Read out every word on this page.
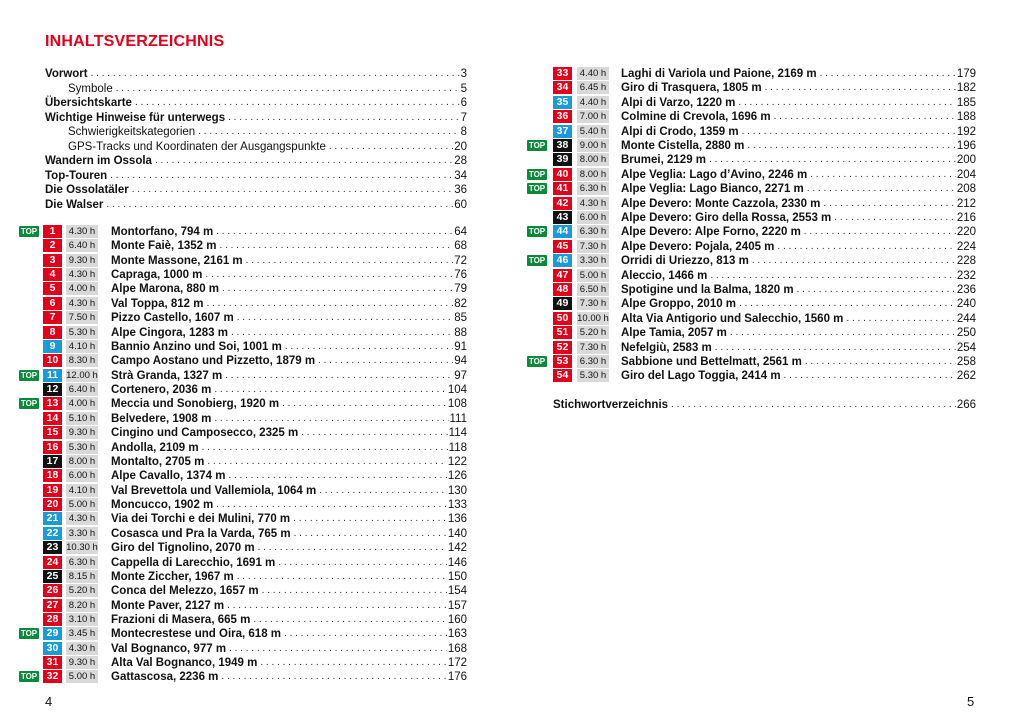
INHALTSVERZEICHNIS
Vorwort . . .	3
Symbole . . .	5
Übersichtskarte . . .	6
Wichtige Hinweise für unterwegs . . .	7
Schwierigkeitskategorien . . .	8
GPS-Tracks und Koordinaten der Ausgangspunkte . . .	20
Wandern im Ossola . . .	28
Top-Touren . . .	34
Die Ossolatäler . . .	36
Die Walser . . .	60
TOP	1	4.30 h Montorfano, 794 m . . .	64
2	6.40 h Monte Faiè, 1352 m . . .	68
3	9.30 h Monte Massone, 2161 m . . .	72
4	4.30 h Capraga, 1000 m . . .	76
5	4.00 h Alpe Marona, 880 m . . .	79
6	4.30 h Val Toppa, 812 m . . .	82
7	7.50 h Pizzo Castello, 1607 m . . .	85
8	5.30 h Alpe Cingora, 1283 m . . .	88
9	4.10 h Bannio Anzino und Soi, 1001 m . . .	91
10	8.30 h Campo Aostano und Pizzetto, 1879 m . . .	94
TOP 11 12.00 h Strà Granda, 1327 m . . .	97
12	6.40 h Cortenero, 2036 m . . .	104
TOP 13	4.00 h Meccia und Sonobierg, 1920 m . . .	108
14	5.10 h Belvedere, 1908 m . . .	111
15	9.30 h Cingino und Camposecco, 2325 m . . .	114
16	5.30 h Andolla, 2109 m . . .	118
17	8.00 h Montalto, 2705 m . . .	122
18	6.00 h Alpe Cavallo, 1374 m . . .	126
19	4.10 h Val Brevettola und Vallemiola, 1064 m . . .	130
20	5.00 h Moncucco, 1902 m . . .	133
21	4.30 h Via dei Torchi e dei Mulini, 770 m . . .	136
22	3.30 h Cosasca und Pra la Varda, 765 m . . .	140
23 10.30 h Giro del Tignolino, 2070 m . . .	142
24	6.30 h Cappella di Larecchio, 1691 m . . .	146
25	8.15 h Monte Ziccher, 1967 m . . .	150
26	5.20 h Conca del Melezzo, 1657 m . . .	154
27	8.20 h Monte Paver, 2127 m . . .	157
28	3.10 h Frazioni di Masera, 665 m . . .	160
TOP 29	3.45 h Montecrestese und Oira, 618 m . . .	163
30	4.30 h Val Bognanco, 977 m . . .	168
31	9.30 h Alta Val Bognanco, 1949 m . . .	172
TOP 32	5.00 h Gattascosa, 2236 m . . .	176
4
33	4.40 h Laghi di Variola und Paione, 2169 m . . .	179
34	6.45 h Giro di Trasquera, 1805 m . . .	182
35	4.40 h Alpi di Varzo, 1220 m . . .	185
36	7.00 h Colmine di Crevola, 1696 m . . .	188
37	5.40 h Alpi di Crodo, 1359 m . . .	192
TOP	38	9.00 h Monte Cistella, 2880 m . . .	196
39	8.00 h Brumei, 2129 m . . .	200
TOP	40	8.00 h Alpe Veglia: Lago d’Avino, 2246 m . . .	204
TOP	41	6.30 h Alpe Veglia: Lago Bianco, 2271 m . . .	208
42	4.30 h Alpe Devero: Monte Cazzola, 2330 m . . .	212
43	6.00 h Alpe Devero: Giro della Rossa, 2553 m . . .	216
TOP	44	6.30 h Alpe Devero: Alpe Forno, 2220 m . . .	220
45	7.30 h Alpe Devero: Pojala, 2405 m . . .	224
TOP	46	3.30 h Orridi di Uriezzo, 813 m . . .	228
47	5.00 h Aleccio, 1466 m . . .	232
48	6.50 h Spotigine und la Balma, 1820 m . . .	236
49	7.30 h Alpe Groppo, 2010 m . . .	240
50 10.00 h Alta Via Antigorio und Salecchio, 1560 m . . .	244
51	5.20 h Alpe Tamia, 2057 m . . .	250
52	7.30 h Nefelgiù, 2583 m . . .	254
TOP	53	6.30 h Sabbione und Bettelmatt, 2561 m . . .	258
54	5.30 h Giro del Lago Toggia, 2414 m . . .	262
Stichwortverzeichnis . . .	266
5
